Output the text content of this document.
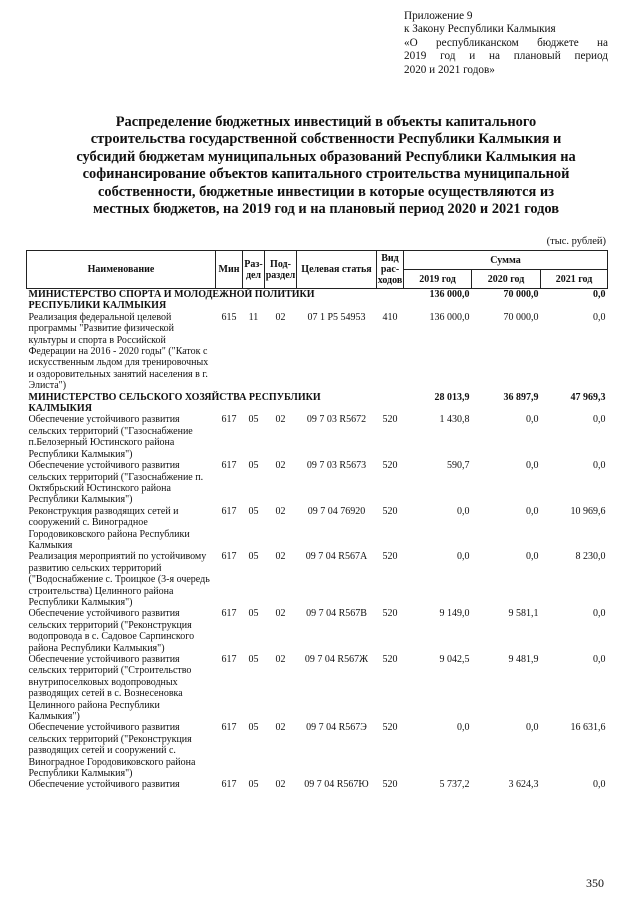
Приложение 9
к Закону Республики Калмыкия
«О республиканском бюджете на
2019 год и на плановый период
2020 и 2021 годов»
Распределение бюджетных инвестиций в объекты капитального
строительства государственной собственности Республики Калмыкия и
субсидий бюджетам муниципальных образований Республики Калмыкия на
софинансирование объектов капитального строительства муниципальной
собственности, бюджетные инвестиции в которые осуществляются из
местных бюджетов, на 2019 год и на плановый период 2020 и 2021 годов
(тыс. рублей)
Наименование	Мин	Раз-дел	Под-раздел	Целевая статья	Вид рас-ходов	Сумма		
						2019 год	2020 год	2021 год
МИНИСТЕРСТВО СПОРТА И МОЛОДЕЖНОЙ ПОЛИТИКИ						136 000,0	70 000,0	0,0
РЕСПУБЛИКИ КАЛМЫКИЯ								
Реализация федеральной целевой программы "Развитие физической культуры и спорта в Российской Федерации на 2016 - 2020 годы" ("Каток с искусственным льдом для тренировочных и оздоровительных занятий населения в г. Элиста")	615	11	02	07 1 P5 54953	410	136 000,0	70 000,0	0,0
МИНИСТЕРСТВО СЕЛЬСКОГО ХОЗЯЙСТВА РЕСПУБЛИКИ						28 013,9	36 897,9	47 969,3
КАЛМЫКИЯ								
Обеспечение устойчивого развития сельских территорий ("Газоснабжение п.Белозерный Юстинского района Республики Калмыкия")	617	05	02	09 7 03 R5672	520	1 430,8	0,0	0,0
Обеспечение устойчивого развития сельских территорий ("Газоснабжение п. Октябрьский Юстинского района Республики Калмыкия")	617	05	02	09 7 03 R5673	520	590,7	0,0	0,0
Реконструкция разводящих сетей и сооружений с. Виноградное Городовиковского района Республики Калмыкия	617	05	02	09 7 04 76920	520	0,0	0,0	10 969,6
Реализация мероприятий по устойчивому развитию сельских территорий ("Водоснабжение с. Троицкое (3-я очередь строительства) Целинного района Республики Калмыкия")	617	05	02	09 7 04 R567A	520	0,0	0,0	8 230,0
Обеспечение устойчивого развития сельских территорий ("Реконструкция водопровода в с. Садовое Сарпинского района Республики Калмыкия")	617	05	02	09 7 04 R567B	520	9 149,0	9 581,1	0,0
Обеспечение устойчивого развития сельских территорий ("Строительство внутрипоселковых водопроводных разводящих сетей в с. Вознесеновка Целинного района Республики Калмыкия")	617	05	02	09 7 04 R567Ж	520	9 042,5	9 481,9	0,0
Обеспечение устойчивого развития сельских территорий ("Реконструкция разводящих сетей и сооружений с. Виноградное Городовиковского района Республики Калмыкия")	617	05	02	09 7 04 R567Э	520	0,0	0,0	16 631,6
Обеспечение устойчивого развития	617	05	02	09 7 04 R567Ю	520	5 737,2	3 624,3	0,0
350
